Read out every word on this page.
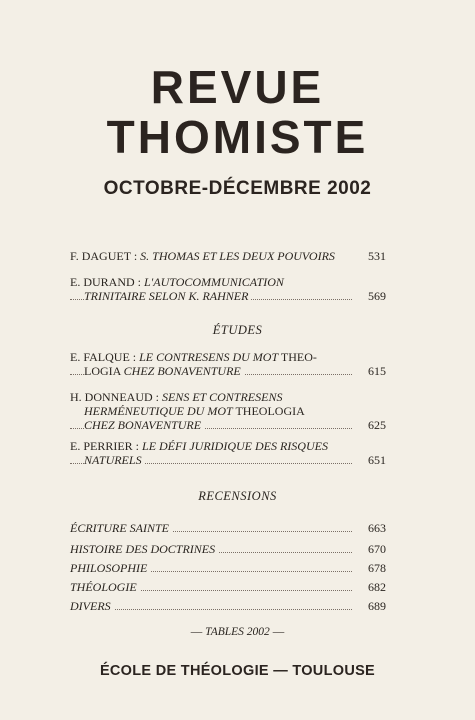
REVUE
THOMISTE
OCTOBRE-DÉCEMBRE 2002
F. DAGUET : S. THOMAS ET LES DEUX POUVOIRS	531
E. DURAND : L'AUTOCOMMUNICATION
TRINITAIRE SELON K. RAHNER	569
ÉTUDES
E. FALQUE : LE CONTRESENS DU MOT THEO-
LOGIA CHEZ BONAVENTURE	615
H. DONNEAUD : SENS ET CONTRESENS
HERMÉNEUTIQUE DU MOT THEOLOGIA
CHEZ BONAVENTURE	625
E. PERRIER : LE DÉFI JURIDIQUE DES RISQUES
NATURELS	651
RECENSIONS
ÉCRITURE SAINTE	663
HISTOIRE DES DOCTRINES	670
PHILOSOPHIE	678
THÉOLOGIE	682
DIVERS	689
— TABLES 2002 —
ÉCOLE DE THÉOLOGIE — TOULOUSE
